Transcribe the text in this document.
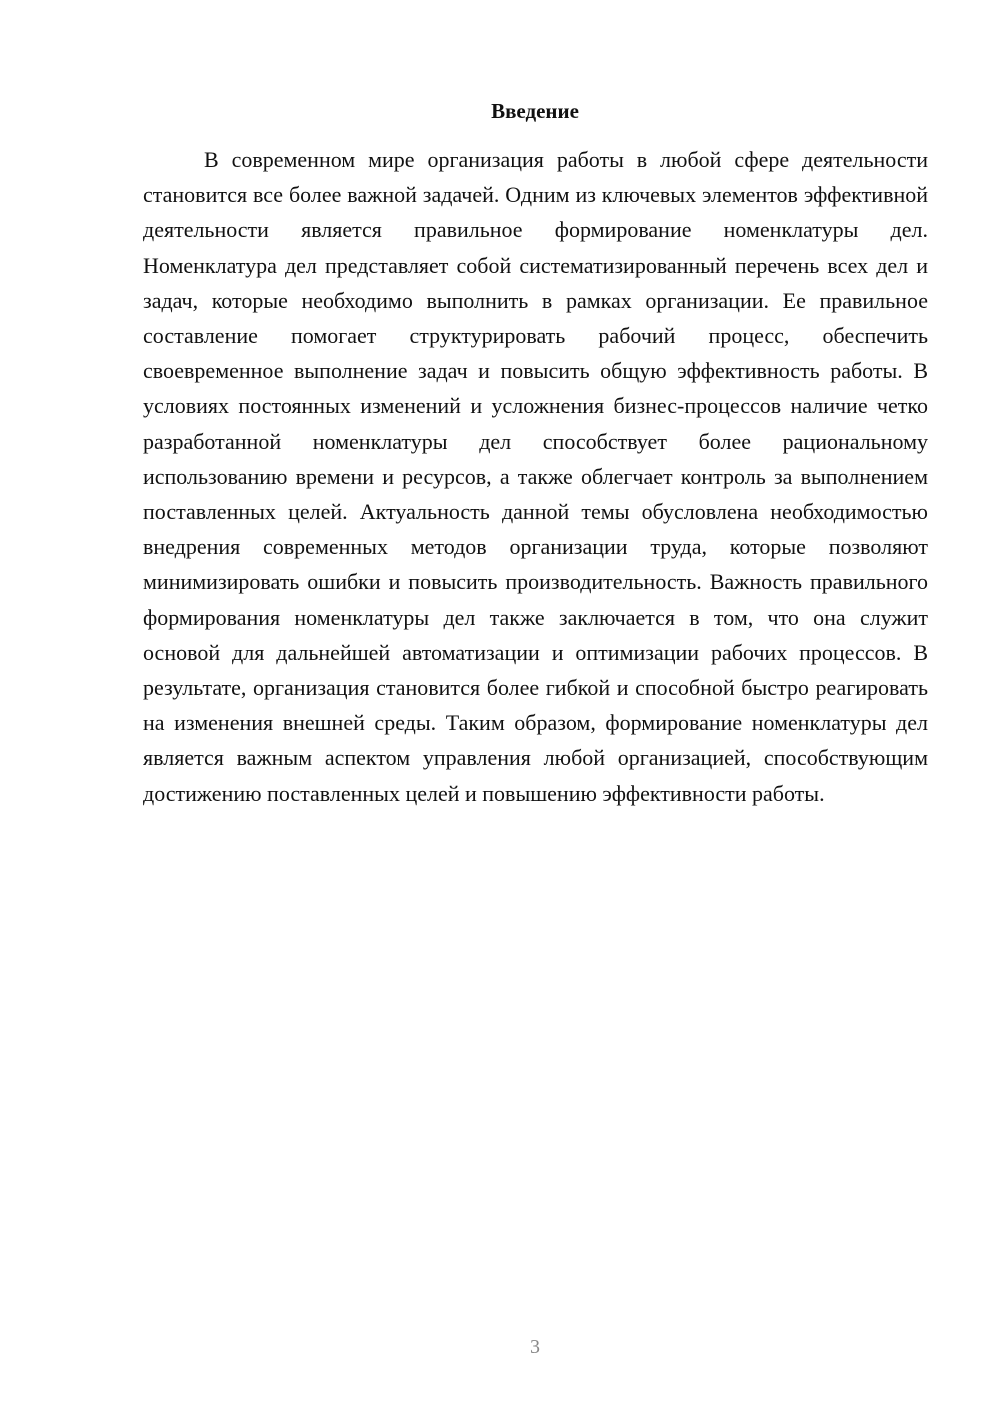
Введение

В современном мире организация работы в любой сфере деятельности становится все более важной задачей. Одним из ключевых элементов эффективной деятельности является правильное формирование номенклатуры дел. Номенклатура дел представляет собой систематизированный перечень всех дел и задач, которые необходимо выполнить в рамках организации. Ее правильное составление помогает структурировать рабочий процесс, обеспечить своевременное выполнение задач и повысить общую эффективность работы. В условиях постоянных изменений и усложнения бизнес-процессов наличие четко разработанной номенклатуры дел способствует более рациональному использованию времени и ресурсов, а также облегчает контроль за выполнением поставленных целей. Актуальность данной темы обусловлена необходимостью внедрения современных методов организации труда, которые позволяют минимизировать ошибки и повысить производительность. Важность правильного формирования номенклатуры дел также заключается в том, что она служит основой для дальнейшей автоматизации и оптимизации рабочих процессов. В результате, организация становится более гибкой и способной быстро реагировать на изменения внешней среды. Таким образом, формирование номенклатуры дел является важным аспектом управления любой организацией, способствующим достижению поставленных целей и повышению эффективности работы.

3
